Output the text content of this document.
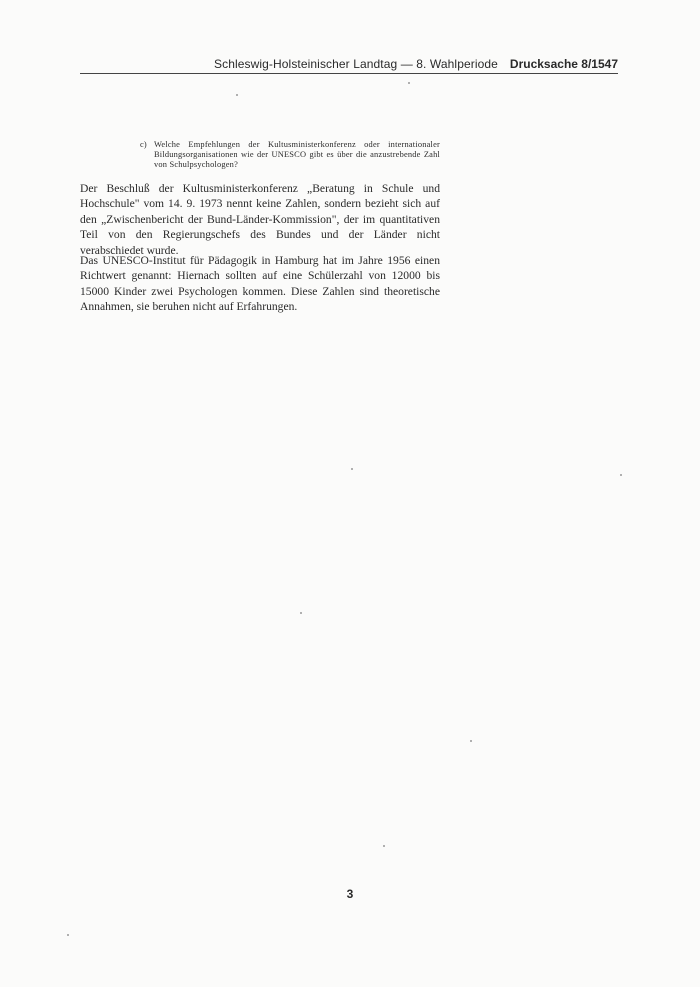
Schleswig-Holsteinischer Landtag — 8. Wahlperiode Drucksache 8/1547
c) Welche Empfehlungen der Kultusministerkonferenz oder internationaler Bildungsorganisationen wie der UNESCO gibt es über die anzustrebende Zahl von Schulpsychologen?
Der Beschluß der Kultusministerkonferenz „Beratung in Schule und Hochschule" vom 14. 9. 1973 nennt keine Zahlen, sondern bezieht sich auf den „Zwischenbericht der Bund-Länder-Kommission", der im quantitativen Teil von den Regierungschefs des Bundes und der Länder nicht verabschiedet wurde.
Das UNESCO-Institut für Pädagogik in Hamburg hat im Jahre 1956 einen Richtwert genannt: Hiernach sollten auf eine Schülerzahl von 12000 bis 15000 Kinder zwei Psychologen kommen. Diese Zahlen sind theoretische Annahmen, sie beruhen nicht auf Erfahrungen.
3
